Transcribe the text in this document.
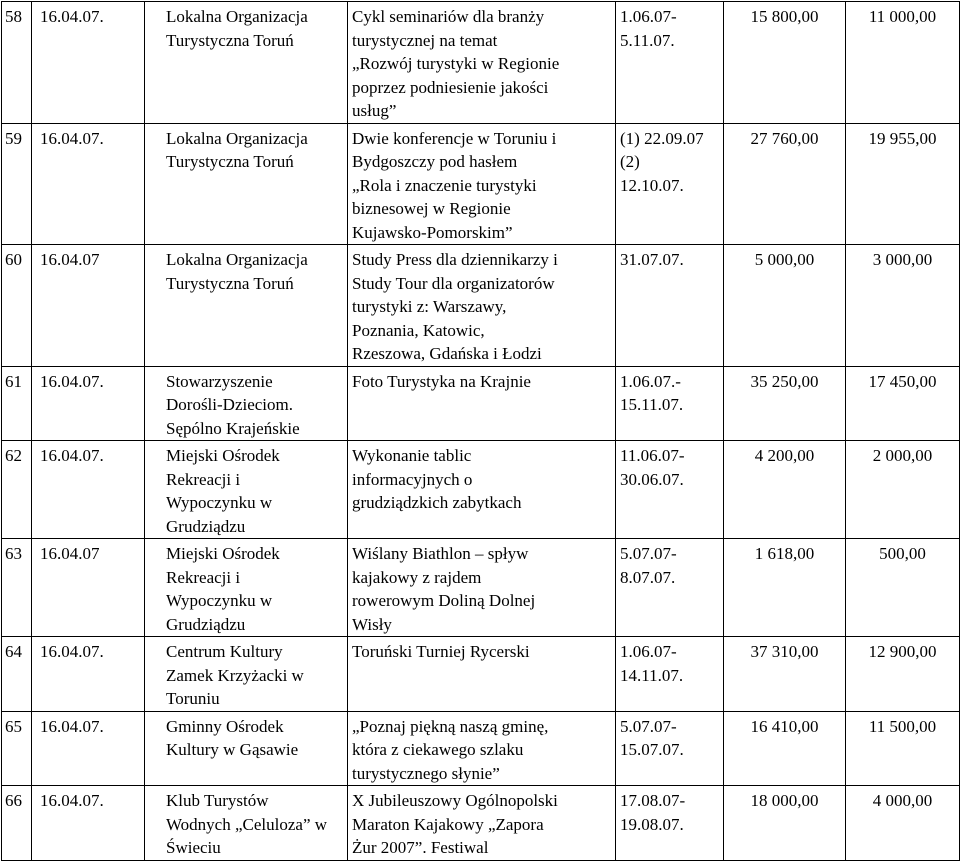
58	16.04.07.	Lokalna Organizacja
Turystyczna Toruń	Cykl seminariów dla branży
turystycznej na temat
„Rozwój turystyki w Regionie
poprzez podniesienie jakości
usług”	1.06.07-
5.11.07.	15 800,00	11 000,00
59	16.04.07.	Lokalna Organizacja
Turystyczna Toruń	Dwie konferencje w Toruniu i
Bydgoszczy pod hasłem
„Rola i znaczenie turystyki
biznesowej w Regionie
Kujawsko-Pomorskim”	(1) 22.09.07
(2)
12.10.07.	27 760,00	19 955,00
60	16.04.07	Lokalna Organizacja
Turystyczna Toruń	Study Press dla dziennikarzy i
Study Tour dla organizatorów
turystyki z: Warszawy,
Poznania, Katowic,
Rzeszowa, Gdańska i Łodzi	31.07.07.	5 000,00	3 000,00
61	16.04.07.	Stowarzyszenie
Dorośli-Dzieciom.
Sępólno Krajeńskie	Foto Turystyka na Krajnie	1.06.07.-
15.11.07.	35 250,00	17 450,00
62	16.04.07.	Miejski Ośrodek
Rekreacji i
Wypoczynku w
Grudziądzu	Wykonanie tablic
informacyjnych o
grudziądzkich zabytkach	11.06.07-
30.06.07.	4 200,00	2 000,00
63	16.04.07	Miejski Ośrodek
Rekreacji i
Wypoczynku w
Grudziądzu	Wiślany Biathlon – spływ
kajakowy z rajdem
rowerowym Doliną Dolnej
Wisły	5.07.07-
8.07.07.	1 618,00	500,00
64	16.04.07.	Centrum Kultury
Zamek Krzyżacki w
Toruniu	Toruński Turniej Rycerski	1.06.07-
14.11.07.	37 310,00	12 900,00
65	16.04.07.	Gminny Ośrodek
Kultury w Gąsawie	„Poznaj piękną naszą gminę,
która z ciekawego szlaku
turystycznego słynie”	5.07.07-
15.07.07.	16 410,00	11 500,00
66	16.04.07.	Klub Turystów
Wodnych „Celuloza” w
Świeciu	X Jubileuszowy Ogólnopolski
Maraton Kajakowy „Zapora
Żur 2007”. Festiwal	17.08.07-
19.08.07.	18 000,00	4 000,00
